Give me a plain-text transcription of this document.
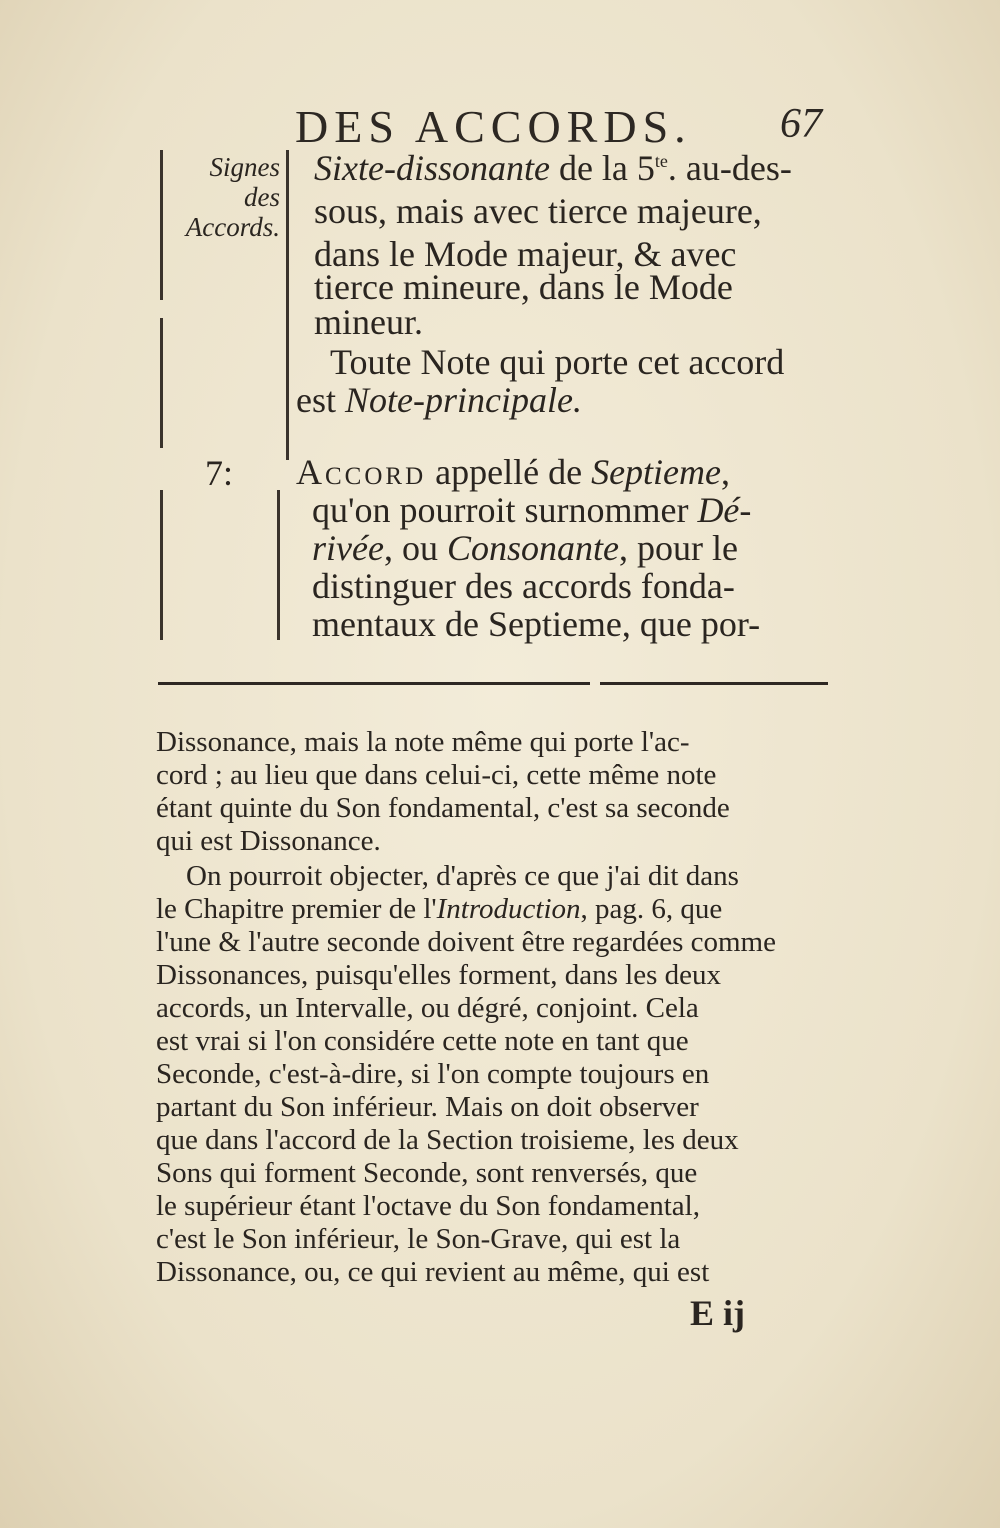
DES ACCORDS. 67
Signes
des
Accords.
7:
Sixte-dissonante de la $5^{te}$. au-des-
sous, mais avec tierce majeure,
dans le Mode majeur, & avec
tierce mineure, dans le Mode
mineur.
Toute Note qui porte cet accord
est Note-principale.
Accord appellé de Septieme,
qu'on pourroit surnommer Dé-
rivée, ou Consonante, pour le
distinguer des accords fonda-
mentaux de Septieme, que por-
Dissonance, mais la note même qui porte l'ac-
cord ; au lieu que dans celui-ci, cette même note
étant quinte du Son fondamental, c'est sa seconde
qui est Dissonance.
On pourroit objecter, d'après ce que j'ai dit dans
le Chapitre premier de l'Introduction, pag. 6, que
l'une & l'autre seconde doivent être regardées comme
Dissonances, puisqu'elles forment, dans les deux
accords, un Intervalle, ou dégré, conjoint. Cela
est vrai si l'on considére cette note en tant que
Seconde, c'est-à-dire, si l'on compte toujours en
partant du Son inférieur. Mais on doit observer
que dans l'accord de la Section troisieme, les deux
Sons qui forment Seconde, sont renversés, que
le supérieur étant l'octave du Son fondamental,
c'est le Son inférieur, le Son-Grave, qui est la
Dissonance, ou, ce qui revient au même, qui est
E ij
